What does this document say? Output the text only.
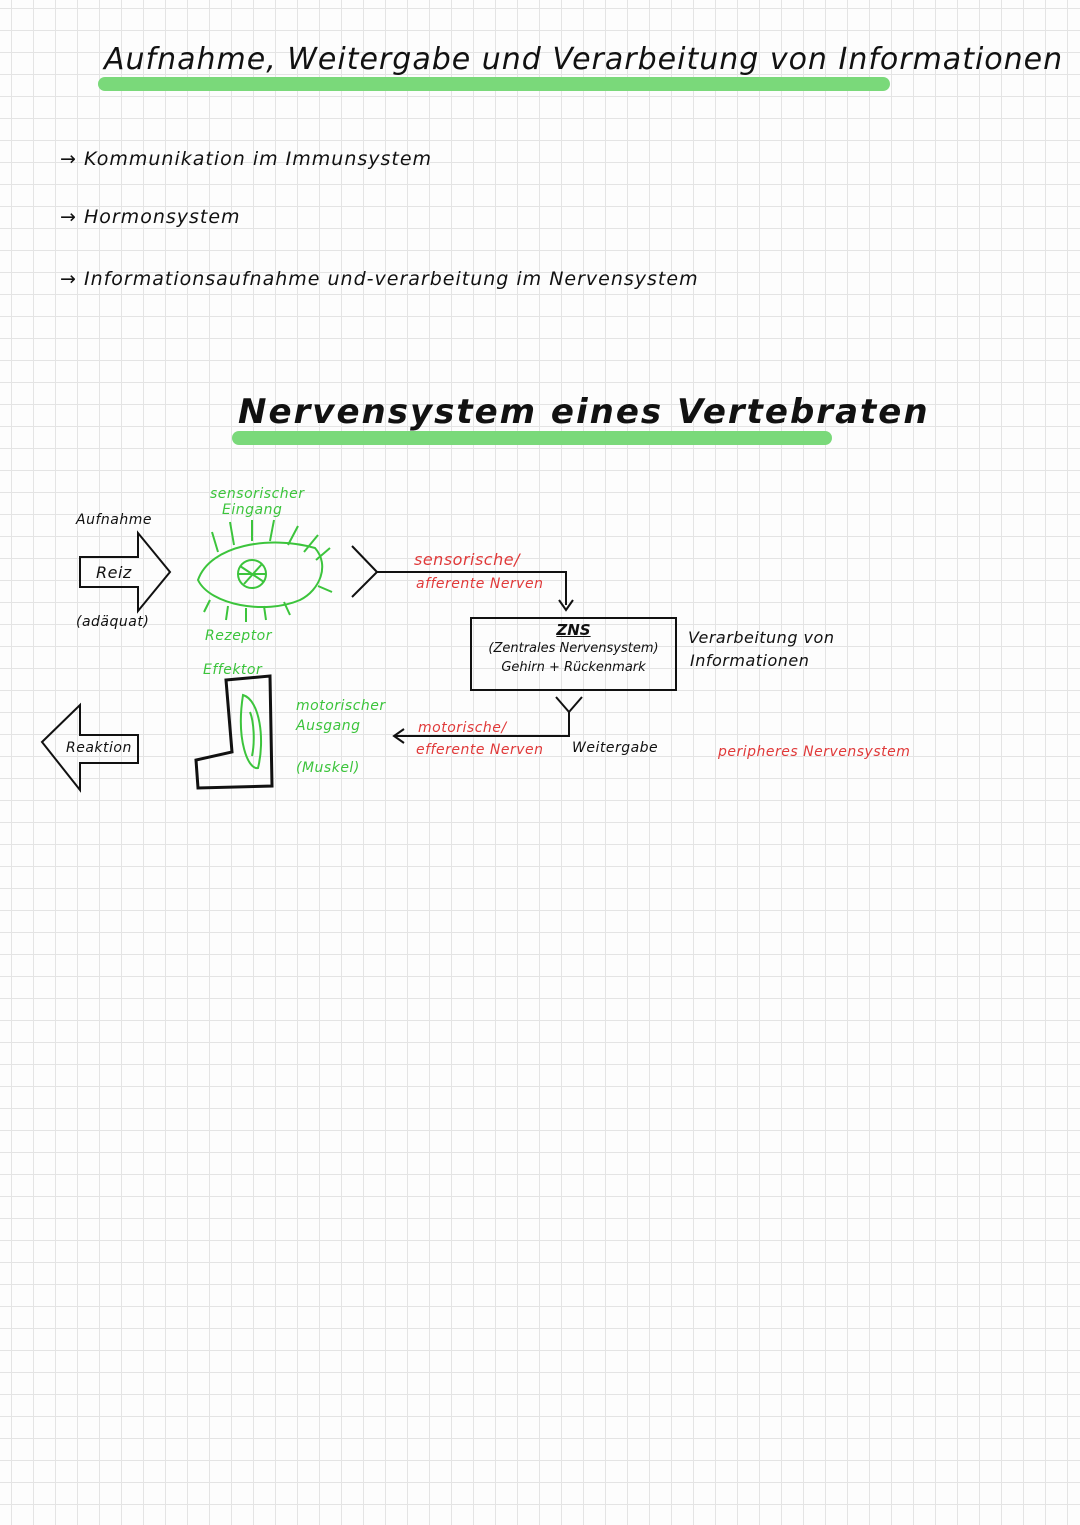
Aufnahme, Weitergabe und Verarbeitung von Informationen
→ Kommunikation im Immunsystem
→ Hormonsystem
→ Informationsaufnahme und-verarbeitung im Nervensystem
Nervensystem eines Vertebraten
Aufnahme
Reiz
(adäquat)
sensorischer
Eingang
Rezeptor
Effektor
motorischer
Ausgang
(Muskel)
Reaktion
sensorische/
afferente Nerven
ZNS
(Zentrales Nervensystem)
Gehirn + Rückenmark
Verarbeitung von
Informationen
motorische/
efferente Nerven Weitergabe	peripheres Nervensystem
